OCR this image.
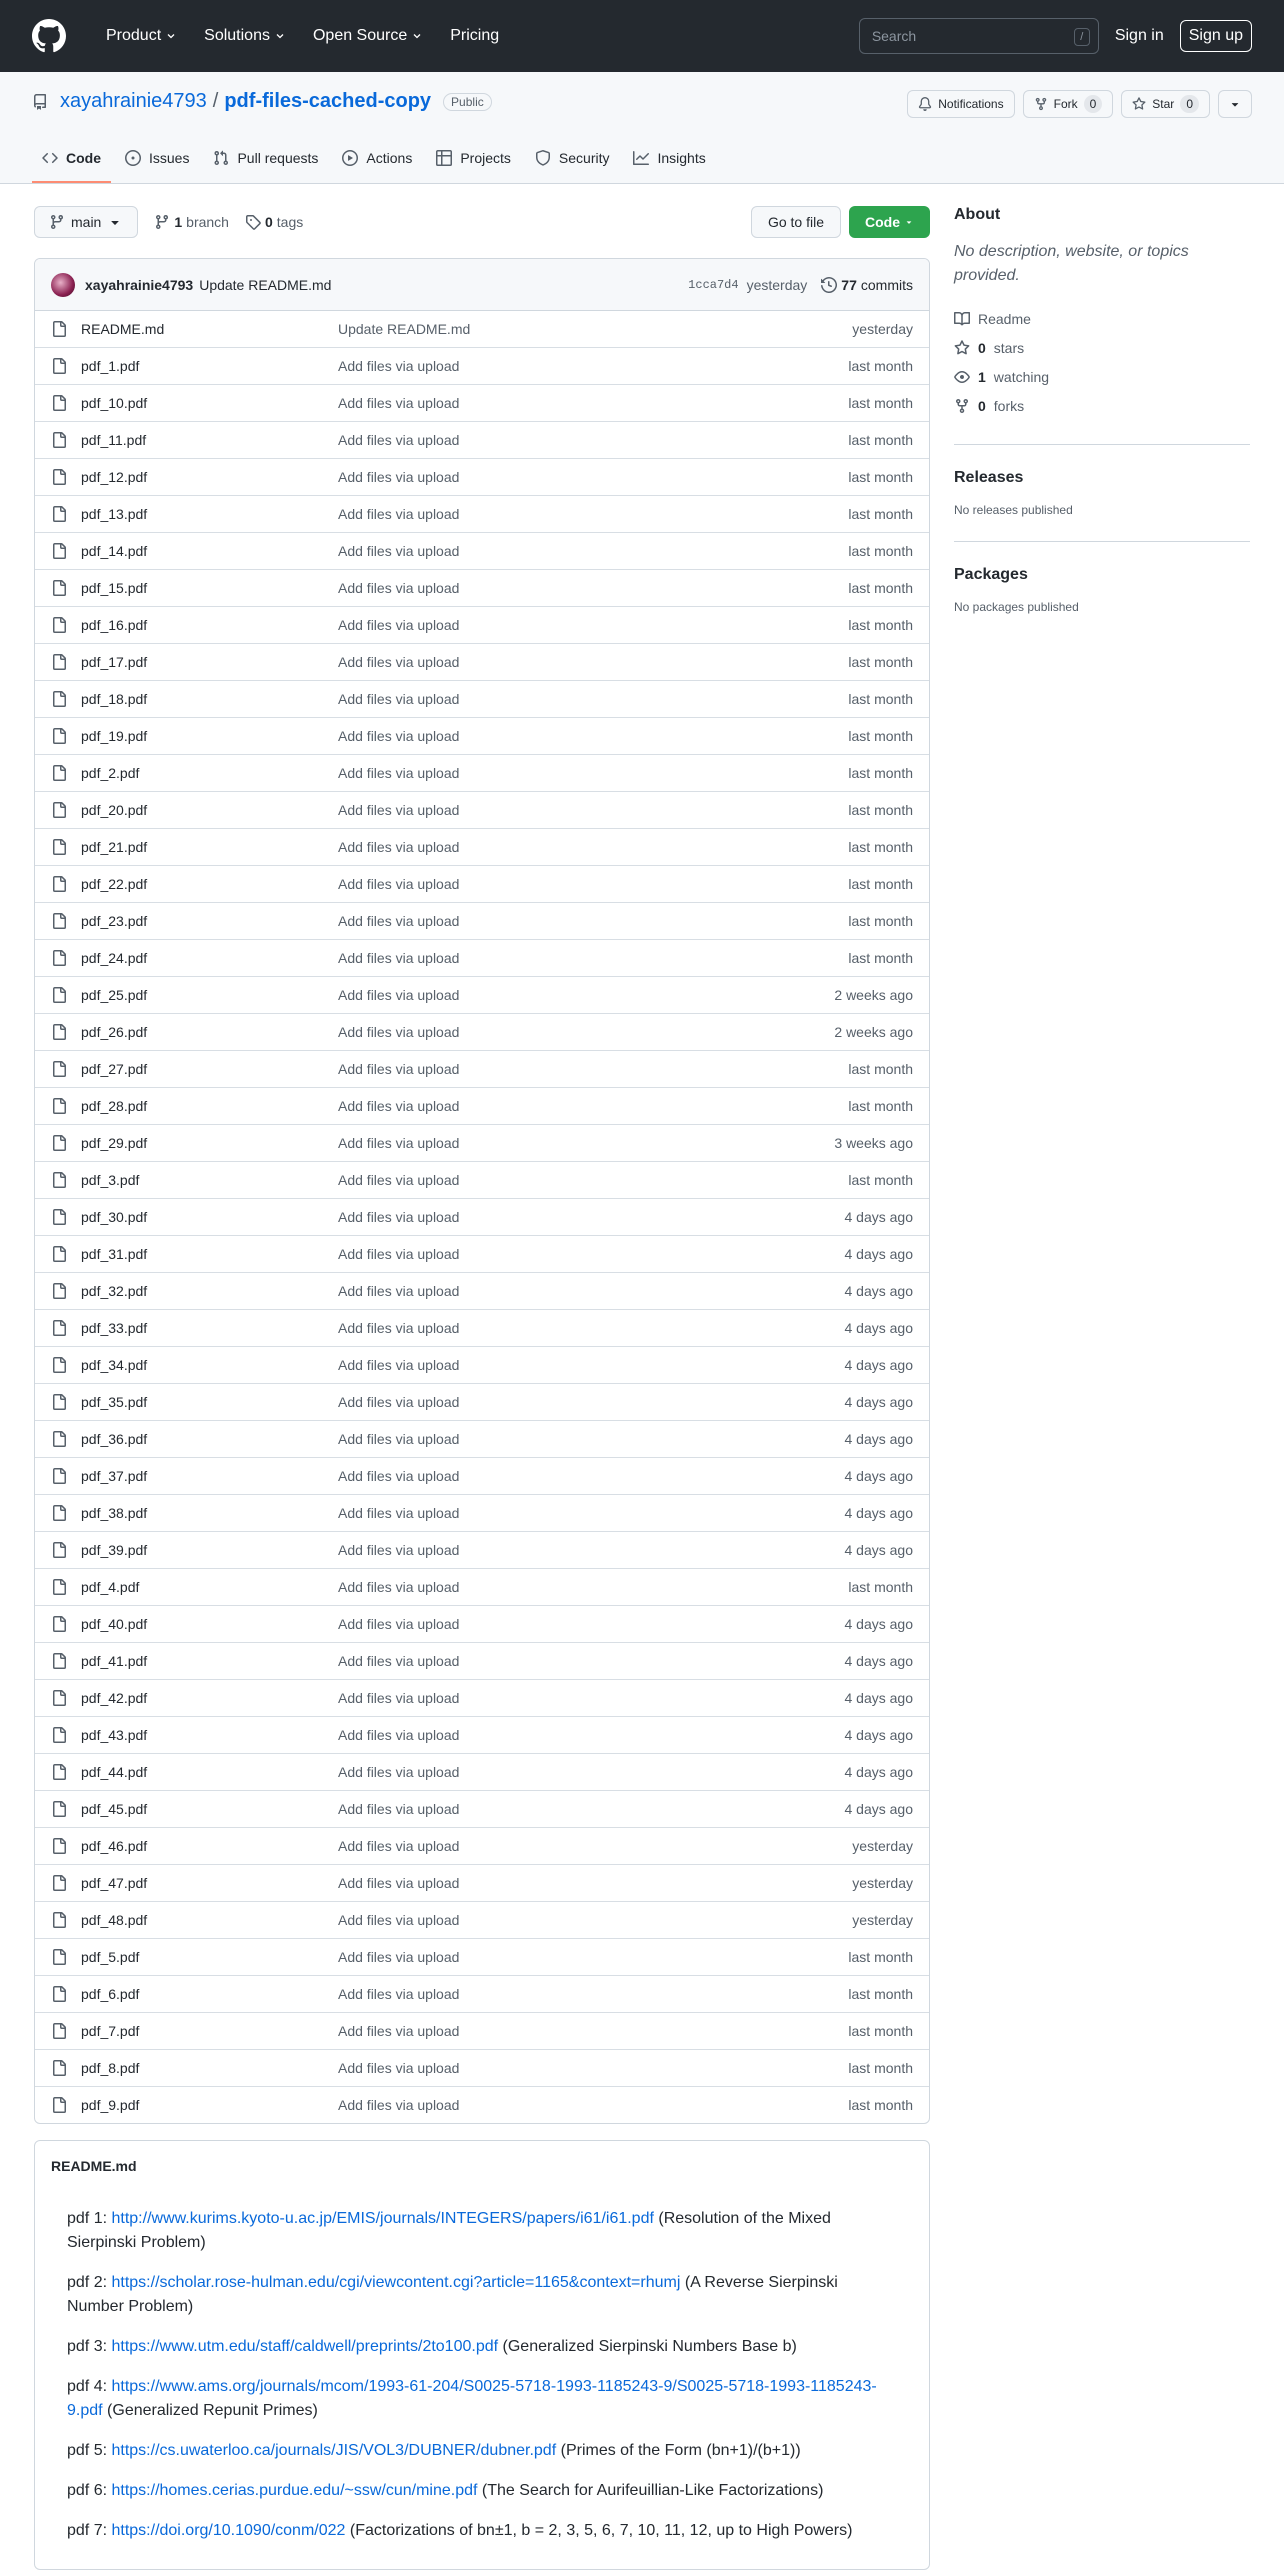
Product	Solutions	Open Source	Pricing
Search	/	Sign in	Sign up
xayahrainie4793 / pdf-files-cached-copy	Public	Notifications	Fork	0	Star	0
Code	Issues	Pull requests	Actions	Projects	Security	Insights
main	1 branch	0 tags	Go to file	Code
xayahrainie4793 Update README.md	1cca7d4 yesterday 77 commits
README.md	Update README.md	yesterday
pdf_1.pdf	Add files via upload	last month
pdf_10.pdf	Add files via upload	last month
pdf_11.pdf	Add files via upload	last month
pdf_12.pdf	Add files via upload	last month
pdf_13.pdf	Add files via upload	last month
pdf_14.pdf	Add files via upload	last month
pdf_15.pdf	Add files via upload	last month
pdf_16.pdf	Add files via upload	last month
pdf_17.pdf	Add files via upload	last month
pdf_18.pdf	Add files via upload	last month
pdf_19.pdf	Add files via upload	last month
pdf_2.pdf	Add files via upload	last month
pdf_20.pdf	Add files via upload	last month
pdf_21.pdf	Add files via upload	last month
pdf_22.pdf	Add files via upload	last month
pdf_23.pdf	Add files via upload	last month
pdf_24.pdf	Add files via upload	last month
pdf_25.pdf	Add files via upload	2 weeks ago
pdf_26.pdf	Add files via upload	2 weeks ago
pdf_27.pdf	Add files via upload	last month
pdf_28.pdf	Add files via upload	last month
pdf_29.pdf	Add files via upload	3 weeks ago
pdf_3.pdf	Add files via upload	last month
pdf_30.pdf	Add files via upload	4 days ago
pdf_31.pdf	Add files via upload	4 days ago
pdf_32.pdf	Add files via upload	4 days ago
pdf_33.pdf	Add files via upload	4 days ago
pdf_34.pdf	Add files via upload	4 days ago
pdf_35.pdf	Add files via upload	4 days ago
pdf_36.pdf	Add files via upload	4 days ago
pdf_37.pdf	Add files via upload	4 days ago
pdf_38.pdf	Add files via upload	4 days ago
pdf_39.pdf	Add files via upload	4 days ago
pdf_4.pdf	Add files via upload	last month
pdf_40.pdf	Add files via upload	4 days ago
pdf_41.pdf	Add files via upload	4 days ago
pdf_42.pdf	Add files via upload	4 days ago
pdf_43.pdf	Add files via upload	4 days ago
pdf_44.pdf	Add files via upload	4 days ago
pdf_45.pdf	Add files via upload	4 days ago
pdf_46.pdf	Add files via upload	yesterday
pdf_47.pdf	Add files via upload	yesterday
pdf_48.pdf	Add files via upload	yesterday
pdf_5.pdf	Add files via upload	last month
pdf_6.pdf	Add files via upload	last month
pdf_7.pdf	Add files via upload	last month
pdf_8.pdf	Add files via upload	last month
pdf_9.pdf	Add files via upload	last month
README.md

pdf 1: http://www.kurims.kyoto-u.ac.jp/EMIS/journals/INTEGERS/papers/i61/i61.pdf (Resolution of the Mixed Sierpinski Problem)

pdf 2: https://scholar.rose-hulman.edu/cgi/viewcontent.cgi?article=1165&context=rhumj (A Reverse Sierpinski Number Problem)

pdf 3: https://www.utm.edu/staff/caldwell/preprints/2to100.pdf (Generalized Sierpinski Numbers Base b)

pdf 4: https://www.ams.org/journals/mcom/1993-61-204/S0025-5718-1993-1185243-9/S0025-5718-1993-1185243-9.pdf (Generalized Repunit Primes)

pdf 5: https://cs.uwaterloo.ca/journals/JIS/VOL3/DUBNER/dubner.pdf (Primes of the Form (bn+1)/(b+1))

pdf 6: https://homes.cerias.purdue.edu/~ssw/cun/mine.pdf (The Search for Aurifeuillian-Like Factorizations)

pdf 7: https://doi.org/10.1090/conm/022 (Factorizations of bn±1, b = 2, 3, 5, 6, 7, 10, 11, 12, up to High Powers)

About

No description, website, or topics provided.

Readme
0 stars
1 watching
0 forks
Releases
No releases published
Packages
No packages published
